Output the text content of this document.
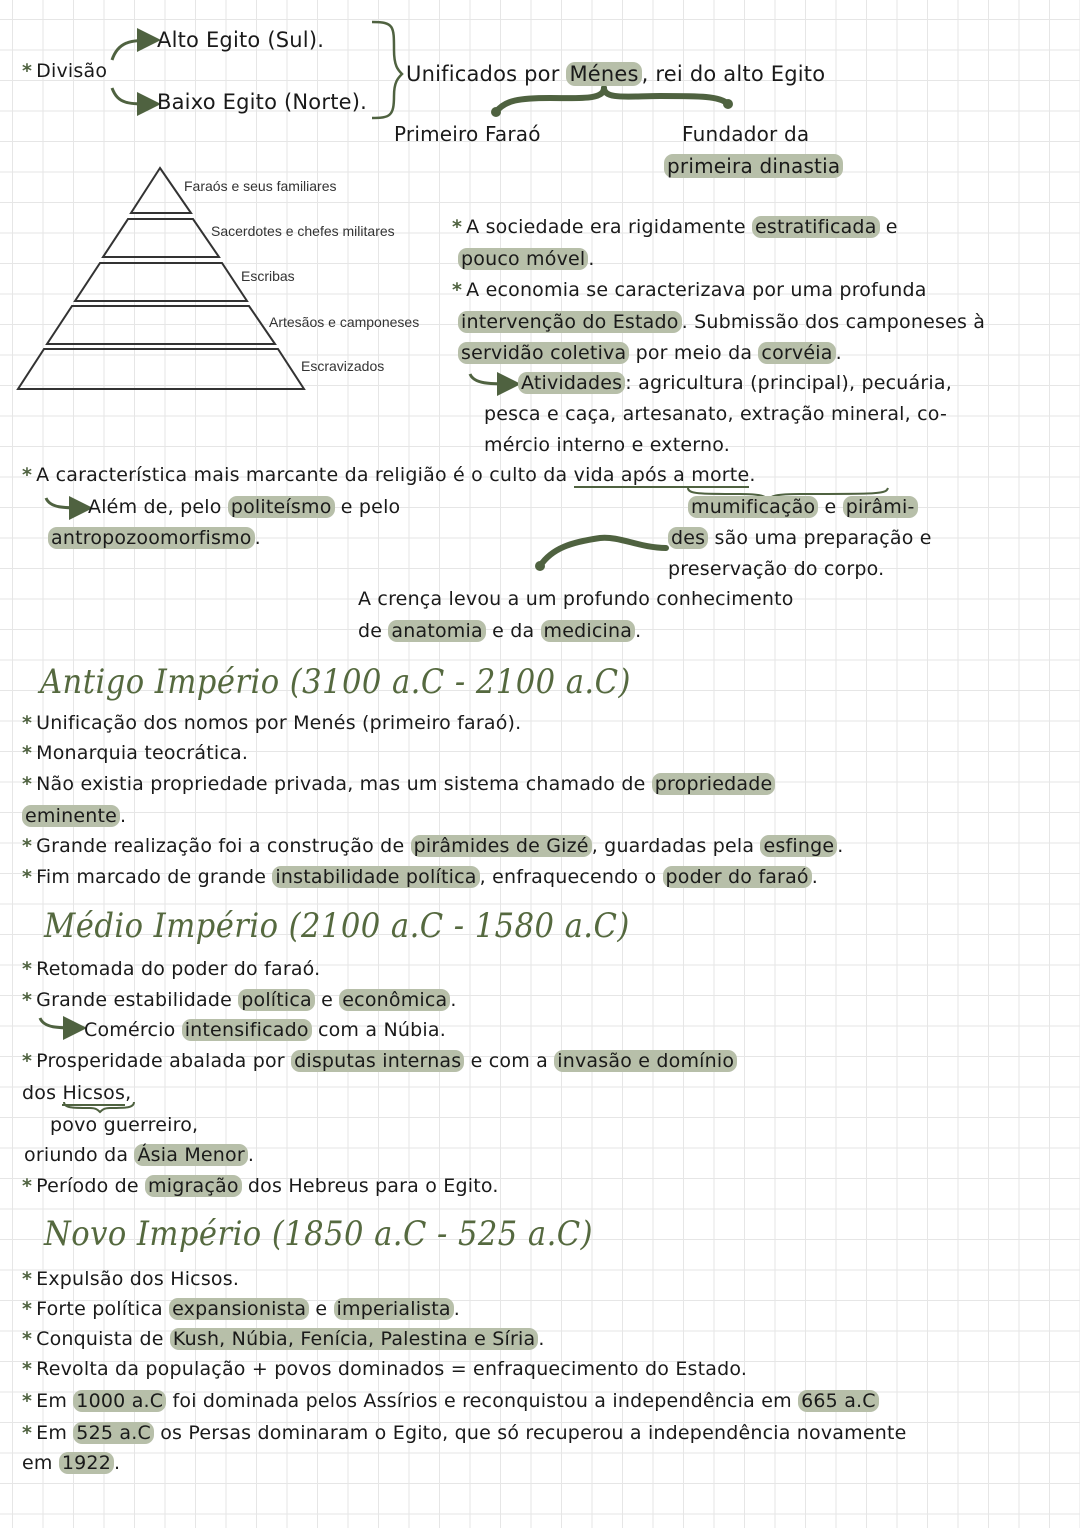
* Divisão
Alto Egito (Sul).
Baixo Egito (Norte).
Unificados por Ménes , rei do alto Egito
Primeiro Faraó	Fundador da
primeira dinastia
Faraós e seus familiares
Sacerdotes e chefes militares
Escribas
Artesãos e camponeses
Escravizados
* A sociedade era rigidamente estratificada e
pouco móvel .
* A economia se caracterizava por uma profunda
intervenção do Estado . Submissão dos camponeses à
servidão coletiva por meio da corvéia .
Atividades : agricultura (principal), pecuária,
pesca e caça, artesanato, extração mineral, co-
mércio interno e externo.
* A característica mais marcante da religião é o culto da vida após a morte.
Além de, pelo politeísmo e pelo
antropozoomorfismo .
mumificação e pirâmi-
des são uma preparação e
preservação do corpo.
A crença levou a um profundo conhecimento
de anatomia e da medicina .
Antigo Império (3100 a.C - 2100 a.C)
* Unificação dos nomos por Menés (primeiro faraó).
* Monarquia teocrática.
* Não existia propriedade privada, mas um sistema chamado de propriedade
eminente .
* Grande realização foi a construção de pirâmides de Gizé , guardadas pela esfinge .
* Fim marcado de grande instabilidade política , enfraquecendo o poder do faraó .
Médio Império (2100 a.C - 1580 a.C)
* Retomada do poder do faraó.
* Grande estabilidade política e econômica .
Comércio intensificado com a Núbia.
* Prosperidade abalada por disputas internas e com a invasão e domínio
dos Hicsos,
povo guerreiro,
oriundo da Ásia Menor .
* Período de migração dos Hebreus para o Egito.
Novo Império (1850 a.C - 525 a.C)
* Expulsão dos Hicsos.
* Forte política expansionista e imperialista .
* Conquista de Kush, Núbia, Fenícia, Palestina e Síria .
* Revolta da população + povos dominados = enfraquecimento do Estado.
* Em 1000 a.C foi dominada pelos Assírios e reconquistou a independência em 665 a.C
* Em 525 a.C os Persas dominaram o Egito, que só recuperou a independência novamente
em 1922 .
